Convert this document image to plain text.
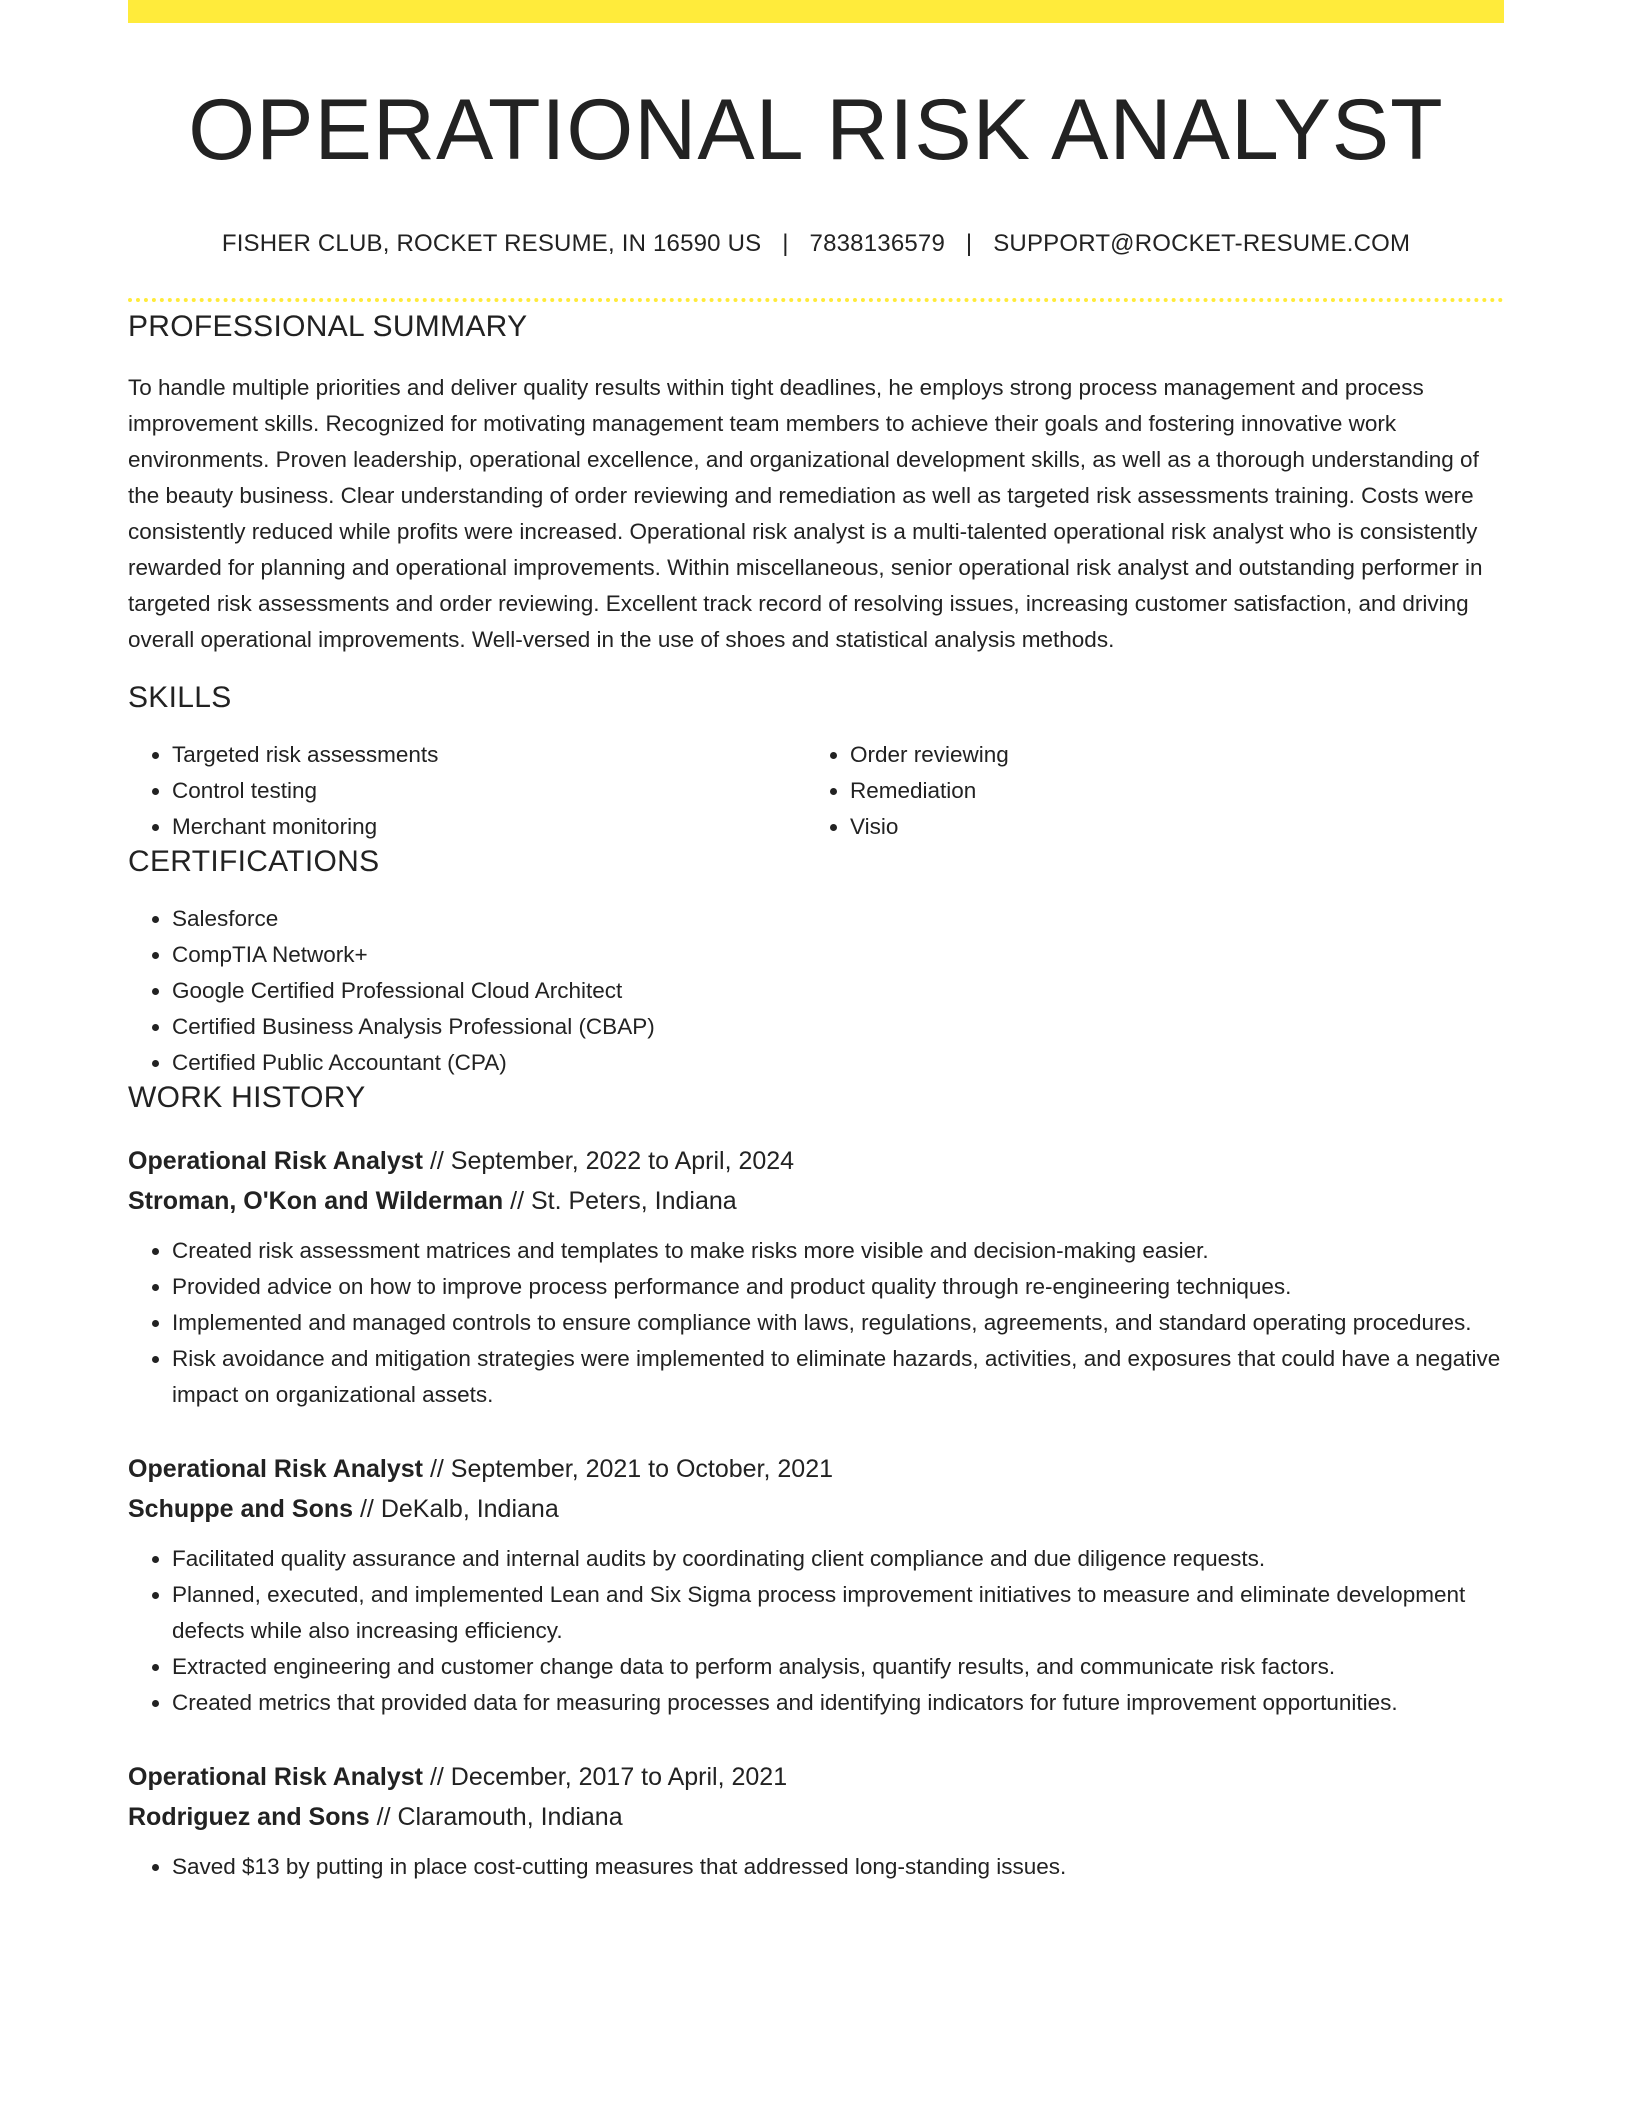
OPERATIONAL RISK ANALYST
FISHER CLUB, ROCKET RESUME, IN 16590 US | 7838136579 | SUPPORT@ROCKET-RESUME.COM
PROFESSIONAL SUMMARY

To handle multiple priorities and deliver quality results within tight deadlines, he employs strong process management and process improvement skills. Recognized for motivating management team members to achieve their goals and fostering innovative work environments. Proven leadership, operational excellence, and organizational development skills, as well as a thorough understanding of the beauty business. Clear understanding of order reviewing and remediation as well as targeted risk assessments training. Costs were consistently reduced while profits were increased. Operational risk analyst is a multi-talented operational risk analyst who is consistently rewarded for planning and operational improvements. Within miscellaneous, senior operational risk analyst and outstanding performer in targeted risk assessments and order reviewing. Excellent track record of resolving issues, increasing customer satisfaction, and driving overall operational improvements. Well-versed in the use of shoes and statistical analysis methods.

SKILLS
• Targeted risk assessments
• Control testing
• Merchant monitoring
• Order reviewing
• Remediation
• Visio
CERTIFICATIONS
• Salesforce
• CompTIA Network+
• Google Certified Professional Cloud Architect
• Certified Business Analysis Professional (CBAP)
• Certified Public Accountant (CPA)
WORK HISTORY
Operational Risk Analyst // September, 2022 to April, 2024
Stroman, O'Kon and Wilderman // St. Peters, Indiana
• Created risk assessment matrices and templates to make risks more visible and decision-making easier.
• Provided advice on how to improve process performance and product quality through re-engineering techniques.
• Implemented and managed controls to ensure compliance with laws, regulations, agreements, and standard operating procedures.
• Risk avoidance and mitigation strategies were implemented to eliminate hazards, activities, and exposures that could have a negative impact on organizational assets.
Operational Risk Analyst // September, 2021 to October, 2021
Schuppe and Sons // DeKalb, Indiana
• Facilitated quality assurance and internal audits by coordinating client compliance and due diligence requests.
• Planned, executed, and implemented Lean and Six Sigma process improvement initiatives to measure and eliminate development defects while also increasing efficiency.
• Extracted engineering and customer change data to perform analysis, quantify results, and communicate risk factors.
• Created metrics that provided data for measuring processes and identifying indicators for future improvement opportunities.
Operational Risk Analyst // December, 2017 to April, 2021
Rodriguez and Sons // Claramouth, Indiana
• Saved $13 by putting in place cost-cutting measures that addressed long-standing issues.
